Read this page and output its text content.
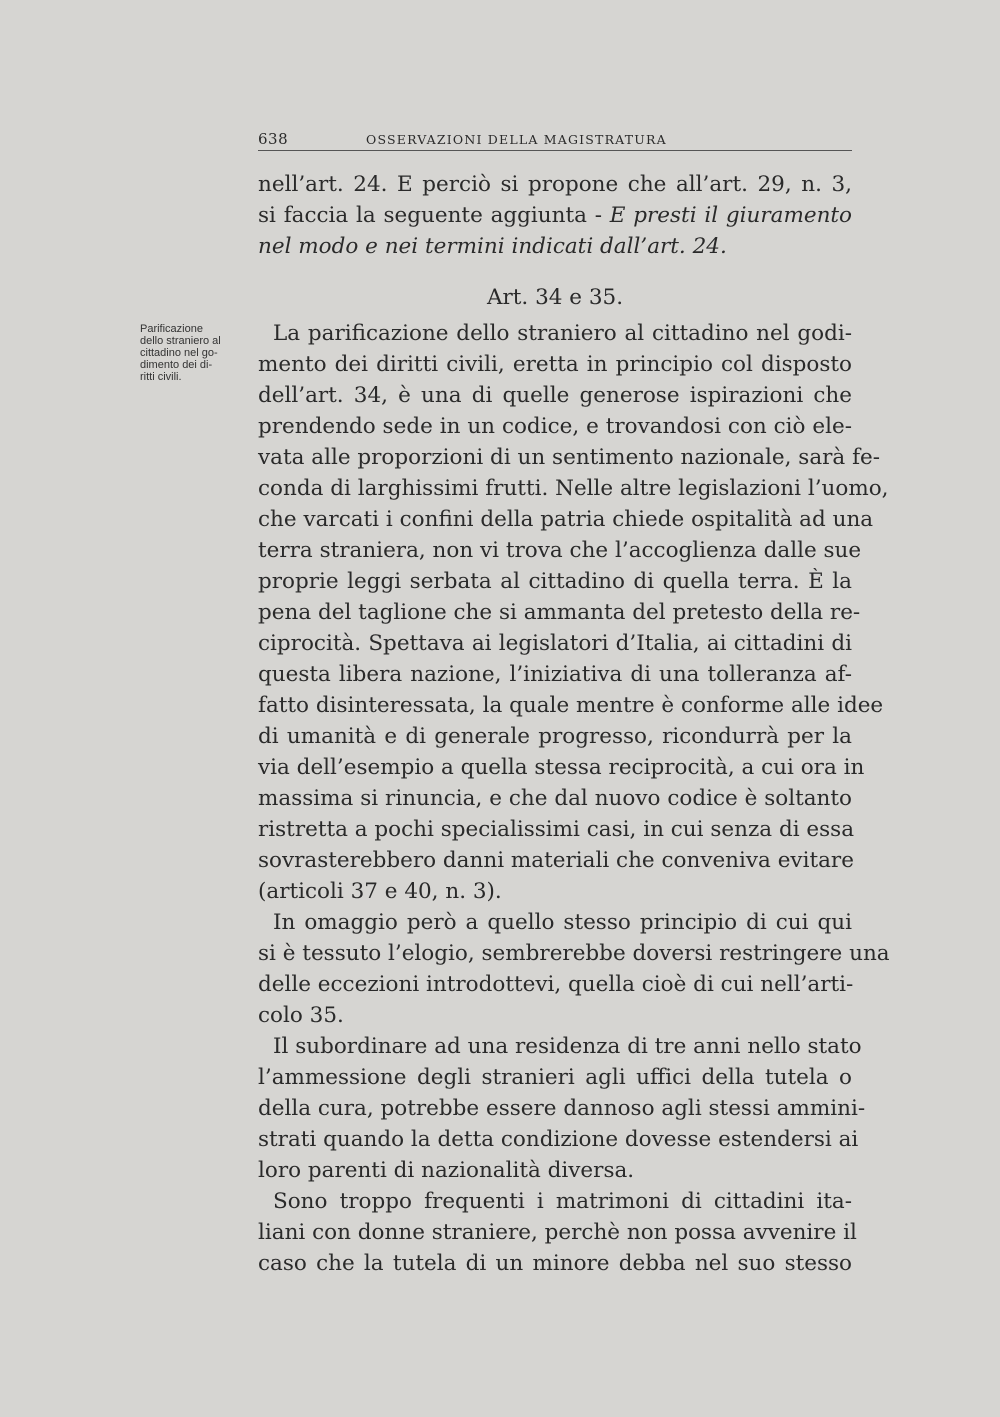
638	OSSERVAZIONI DELLA MAGISTRATURA
Parificazione
dello straniero al
cittadino nel go-
dimento dei di-
ritti civili.
nell’art. 24. E perciò si propone che all’art. 29, n. 3,
si faccia la seguente aggiunta - E presti il giuramento
nel modo e nei termini indicati dall’art. 24.
Art. 34 e 35.
La parificazione dello straniero al cittadino nel godi-
mento dei diritti civili, eretta in principio col disposto
dell’art. 34, è una di quelle generose ispirazioni che
prendendo sede in un codice, e trovandosi con ciò ele-
vata alle proporzioni di un sentimento nazionale, sarà fe-
conda di larghissimi frutti. Nelle altre legislazioni l’uomo,
che varcati i confini della patria chiede ospitalità ad una
terra straniera, non vi trova che l’accoglienza dalle sue
proprie leggi serbata al cittadino di quella terra. È la
pena del taglione che si ammanta del pretesto della re-
ciprocità. Spettava ai legislatori d’Italia, ai cittadini di
questa libera nazione, l’iniziativa di una tolleranza af-
fatto disinteressata, la quale mentre è conforme alle idee
di umanità e di generale progresso, ricondurrà per la
via dell’esempio a quella stessa reciprocità, a cui ora in
massima si rinuncia, e che dal nuovo codice è soltanto
ristretta a pochi specialissimi casi, in cui senza di essa
sovrasterebbero danni materiali che conveniva evitare
(articoli 37 e 40, n. 3).
In omaggio però a quello stesso principio di cui qui
si è tessuto l’elogio, sembrerebbe doversi restringere una
delle eccezioni introdottevi, quella cioè di cui nell’arti-
colo 35.
Il subordinare ad una residenza di tre anni nello stato
l’ammessione degli stranieri agli uffici della tutela o
della cura, potrebbe essere dannoso agli stessi ammini-
strati quando la detta condizione dovesse estendersi ai
loro parenti di nazionalità diversa.
Sono troppo frequenti i matrimoni di cittadini ita-
liani con donne straniere, perchè non possa avvenire il
caso che la tutela di un minore debba nel suo stesso
